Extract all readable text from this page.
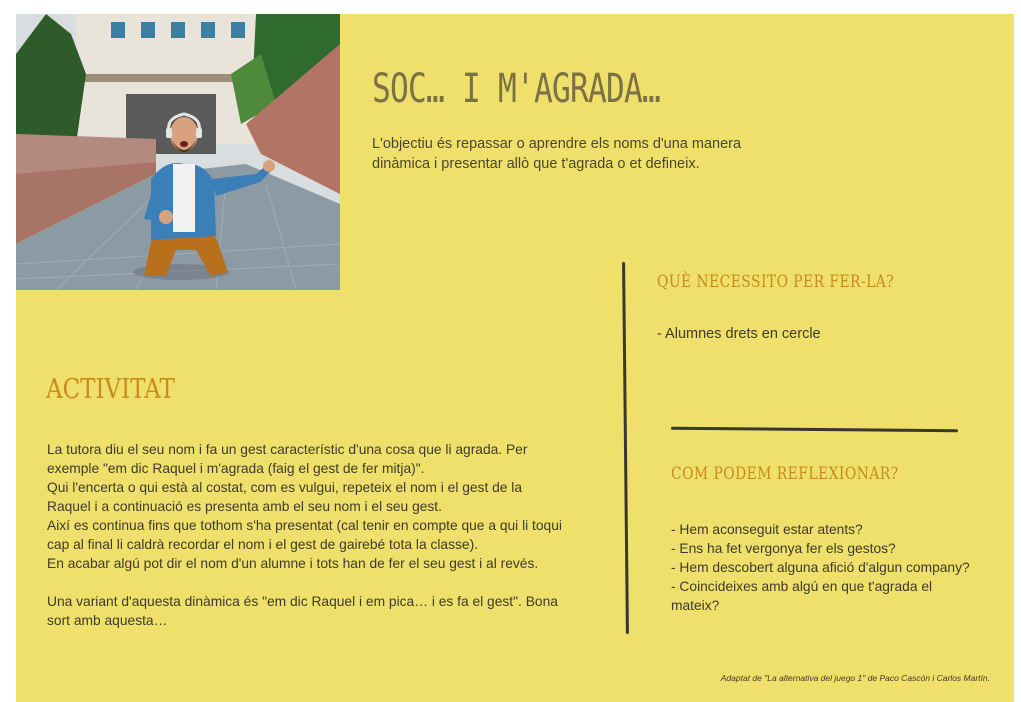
SOC… I M'AGRADA…

L'objectiu és repassar o aprendre els noms d'una manera dinàmica i presentar allò que t'agrada o et defineix.

ACTIVITAT

La tutora diu el seu nom i fa un gest característic d'una cosa que li agrada. Per exemple "em dic Raquel i m'agrada (faig el gest de fer mitja)".

Qui l'encerta o qui està al costat, com es vulgui, repeteix el nom i el gest de la Raquel i a continuació es presenta amb el seu nom i el seu gest.

Així es continua fins que tothom s'ha presentat (cal tenir en compte que a qui li toqui cap al final li caldrà recordar el nom i el gest de gairebé tota la classe).

En acabar algú pot dir el nom d'un alumne i tots han de fer el seu gest i al revés.

Una variant d'aquesta dinàmica és "em dic Raquel i em pica… i es fa el gest". Bona sort amb aquesta…

QUÈ NECESSITO PER FER-LA?

- Alumnes drets en cercle

COM PODEM REFLEXIONAR?
- Hem aconseguit estar atents?
- Ens ha fet vergonya fer els gestos?
- Hem descobert alguna afició d'algun company?
- Coincideixes amb algú en que t'agrada el mateix?

Adaptat de "La alternativa del juego 1" de Paco Cascón i Carlos Martín.
